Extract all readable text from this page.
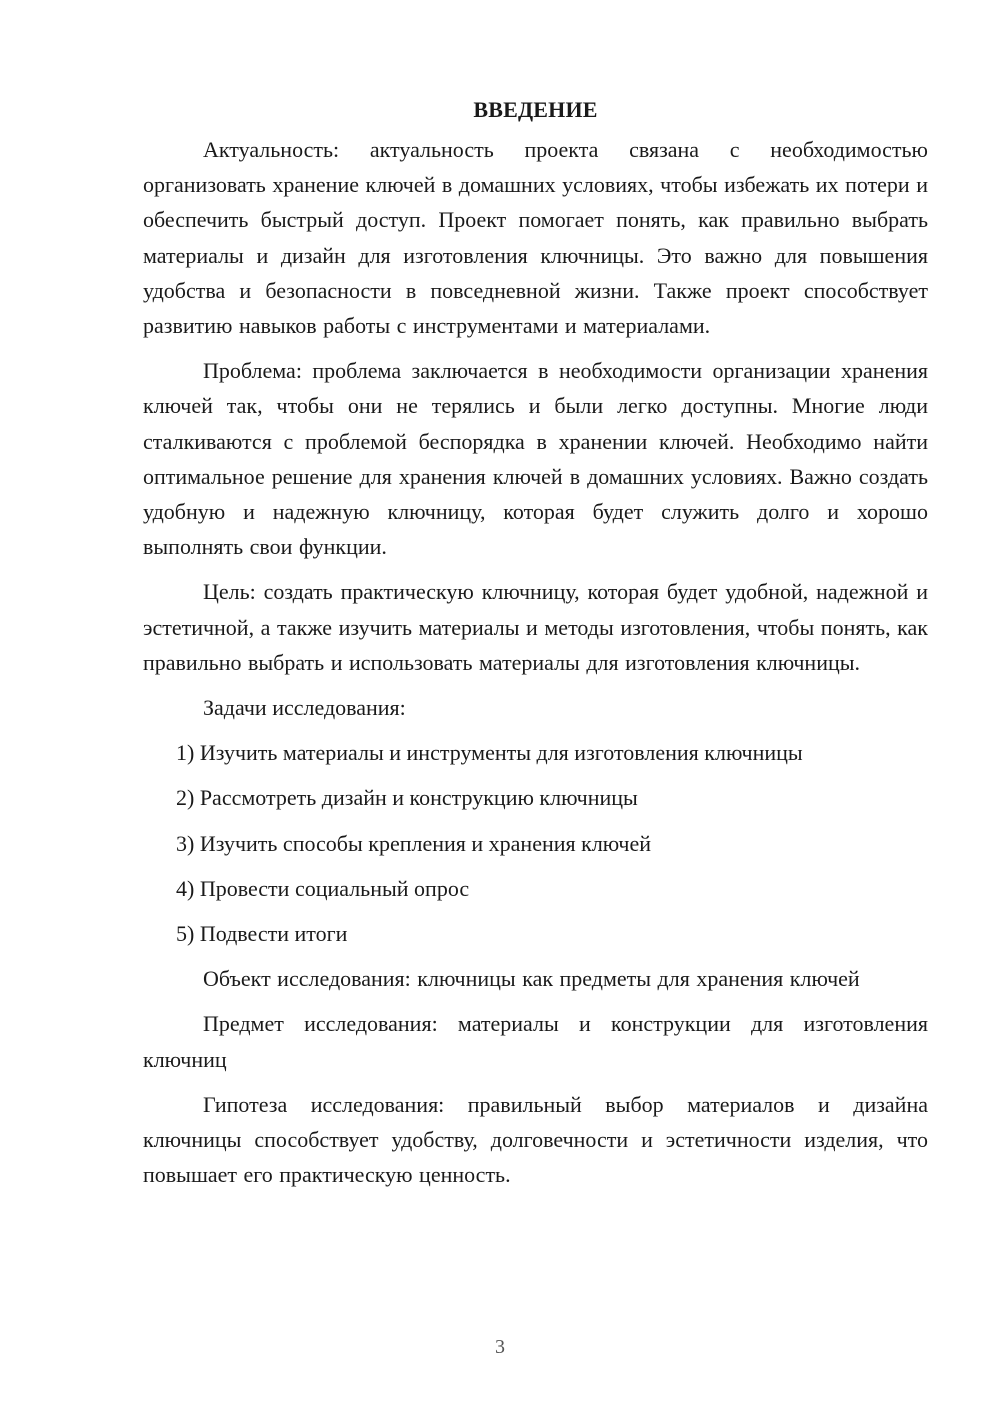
ВВЕДЕНИЕ

Актуальность: актуальность проекта связана с необходимостью организовать хранение ключей в домашних условиях, чтобы избежать их потери и обеспечить быстрый доступ. Проект помогает понять, как правильно выбрать материалы и дизайн для изготовления ключницы. Это важно для повышения удобства и безопасности в повседневной жизни. Также проект способствует развитию навыков работы с инструментами и материалами.

Проблема: проблема заключается в необходимости организации хранения ключей так, чтобы они не терялись и были легко доступны. Многие люди сталкиваются с проблемой беспорядка в хранении ключей. Необходимо найти оптимальное решение для хранения ключей в домашних условиях. Важно создать удобную и надежную ключницу, которая будет служить долго и хорошо выполнять свои функции.

Цель: создать практическую ключницу, которая будет удобной, надежной и эстетичной, а также изучить материалы и методы изготовления, чтобы понять, как правильно выбрать и использовать материалы для изготовления ключницы.

Задачи исследования:
1) Изучить материалы и инструменты для изготовления ключницы
2) Рассмотреть дизайн и конструкцию ключницы
3) Изучить способы крепления и хранения ключей
4) Провести социальный опрос
5) Подвести итоги

Объект исследования: ключницы как предметы для хранения ключей

Предмет исследования: материалы и конструкции для изготовления ключниц

Гипотеза исследования: правильный выбор материалов и дизайна ключницы способствует удобству, долговечности и эстетичности изделия, что повышает его практическую ценность.

3
